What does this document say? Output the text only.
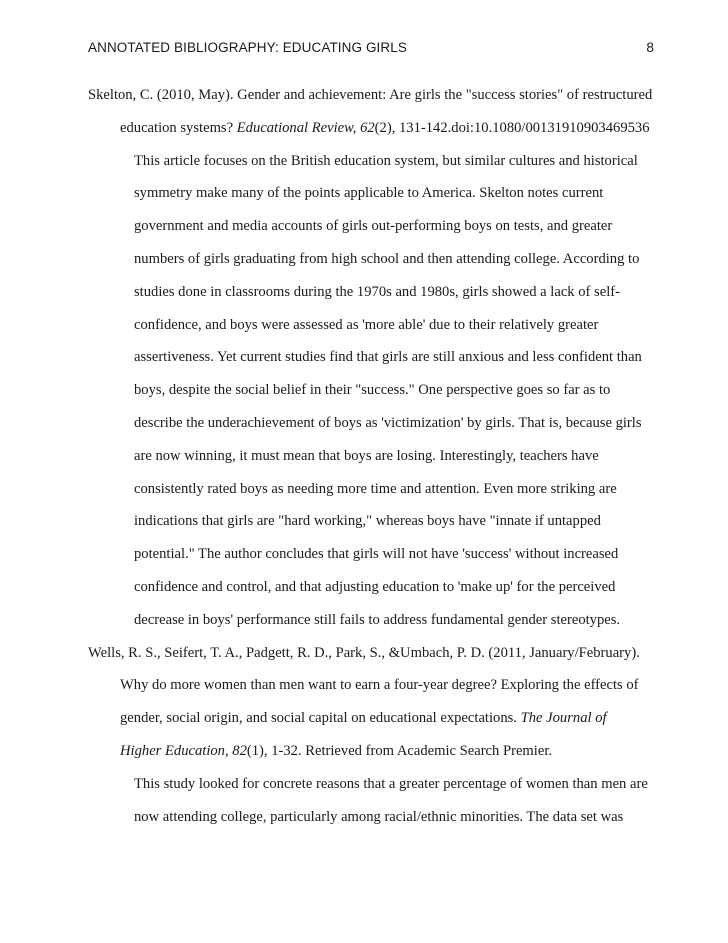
ANNOTATED BIBLIOGRAPHY: EDUCATING GIRLS	8
Skelton, C. (2010, May). Gender and achievement: Are girls the "success stories" of restructured
education systems? Educational Review, 62(2), 131-142.doi:10.1080/00131910903469536
This article focuses on the British education system, but similar cultures and historical
symmetry make many of the points applicable to America. Skelton notes current
government and media accounts of girls out-performing boys on tests, and greater
numbers of girls graduating from high school and then attending college. According to
studies done in classrooms during the 1970s and 1980s, girls showed a lack of self-
confidence, and boys were assessed as 'more able' due to their relatively greater
assertiveness. Yet current studies find that girls are still anxious and less confident than
boys, despite the social belief in their "success." One perspective goes so far as to
describe the underachievement of boys as 'victimization' by girls. That is, because girls
are now winning, it must mean that boys are losing. Interestingly, teachers have
consistently rated boys as needing more time and attention. Even more striking are
indications that girls are "hard working," whereas boys have "innate if untapped
potential." The author concludes that girls will not have 'success' without increased
confidence and control, and that adjusting education to 'make up' for the perceived
decrease in boys' performance still fails to address fundamental gender stereotypes.
Wells, R. S., Seifert, T. A., Padgett, R. D., Park, S., &Umbach, P. D. (2011, January/February).
Why do more women than men want to earn a four-year degree? Exploring the effects of
gender, social origin, and social capital on educational expectations. The Journal of
Higher Education, 82(1), 1-32. Retrieved from Academic Search Premier.
This study looked for concrete reasons that a greater percentage of women than men are
now attending college, particularly among racial/ethnic minorities. The data set was
